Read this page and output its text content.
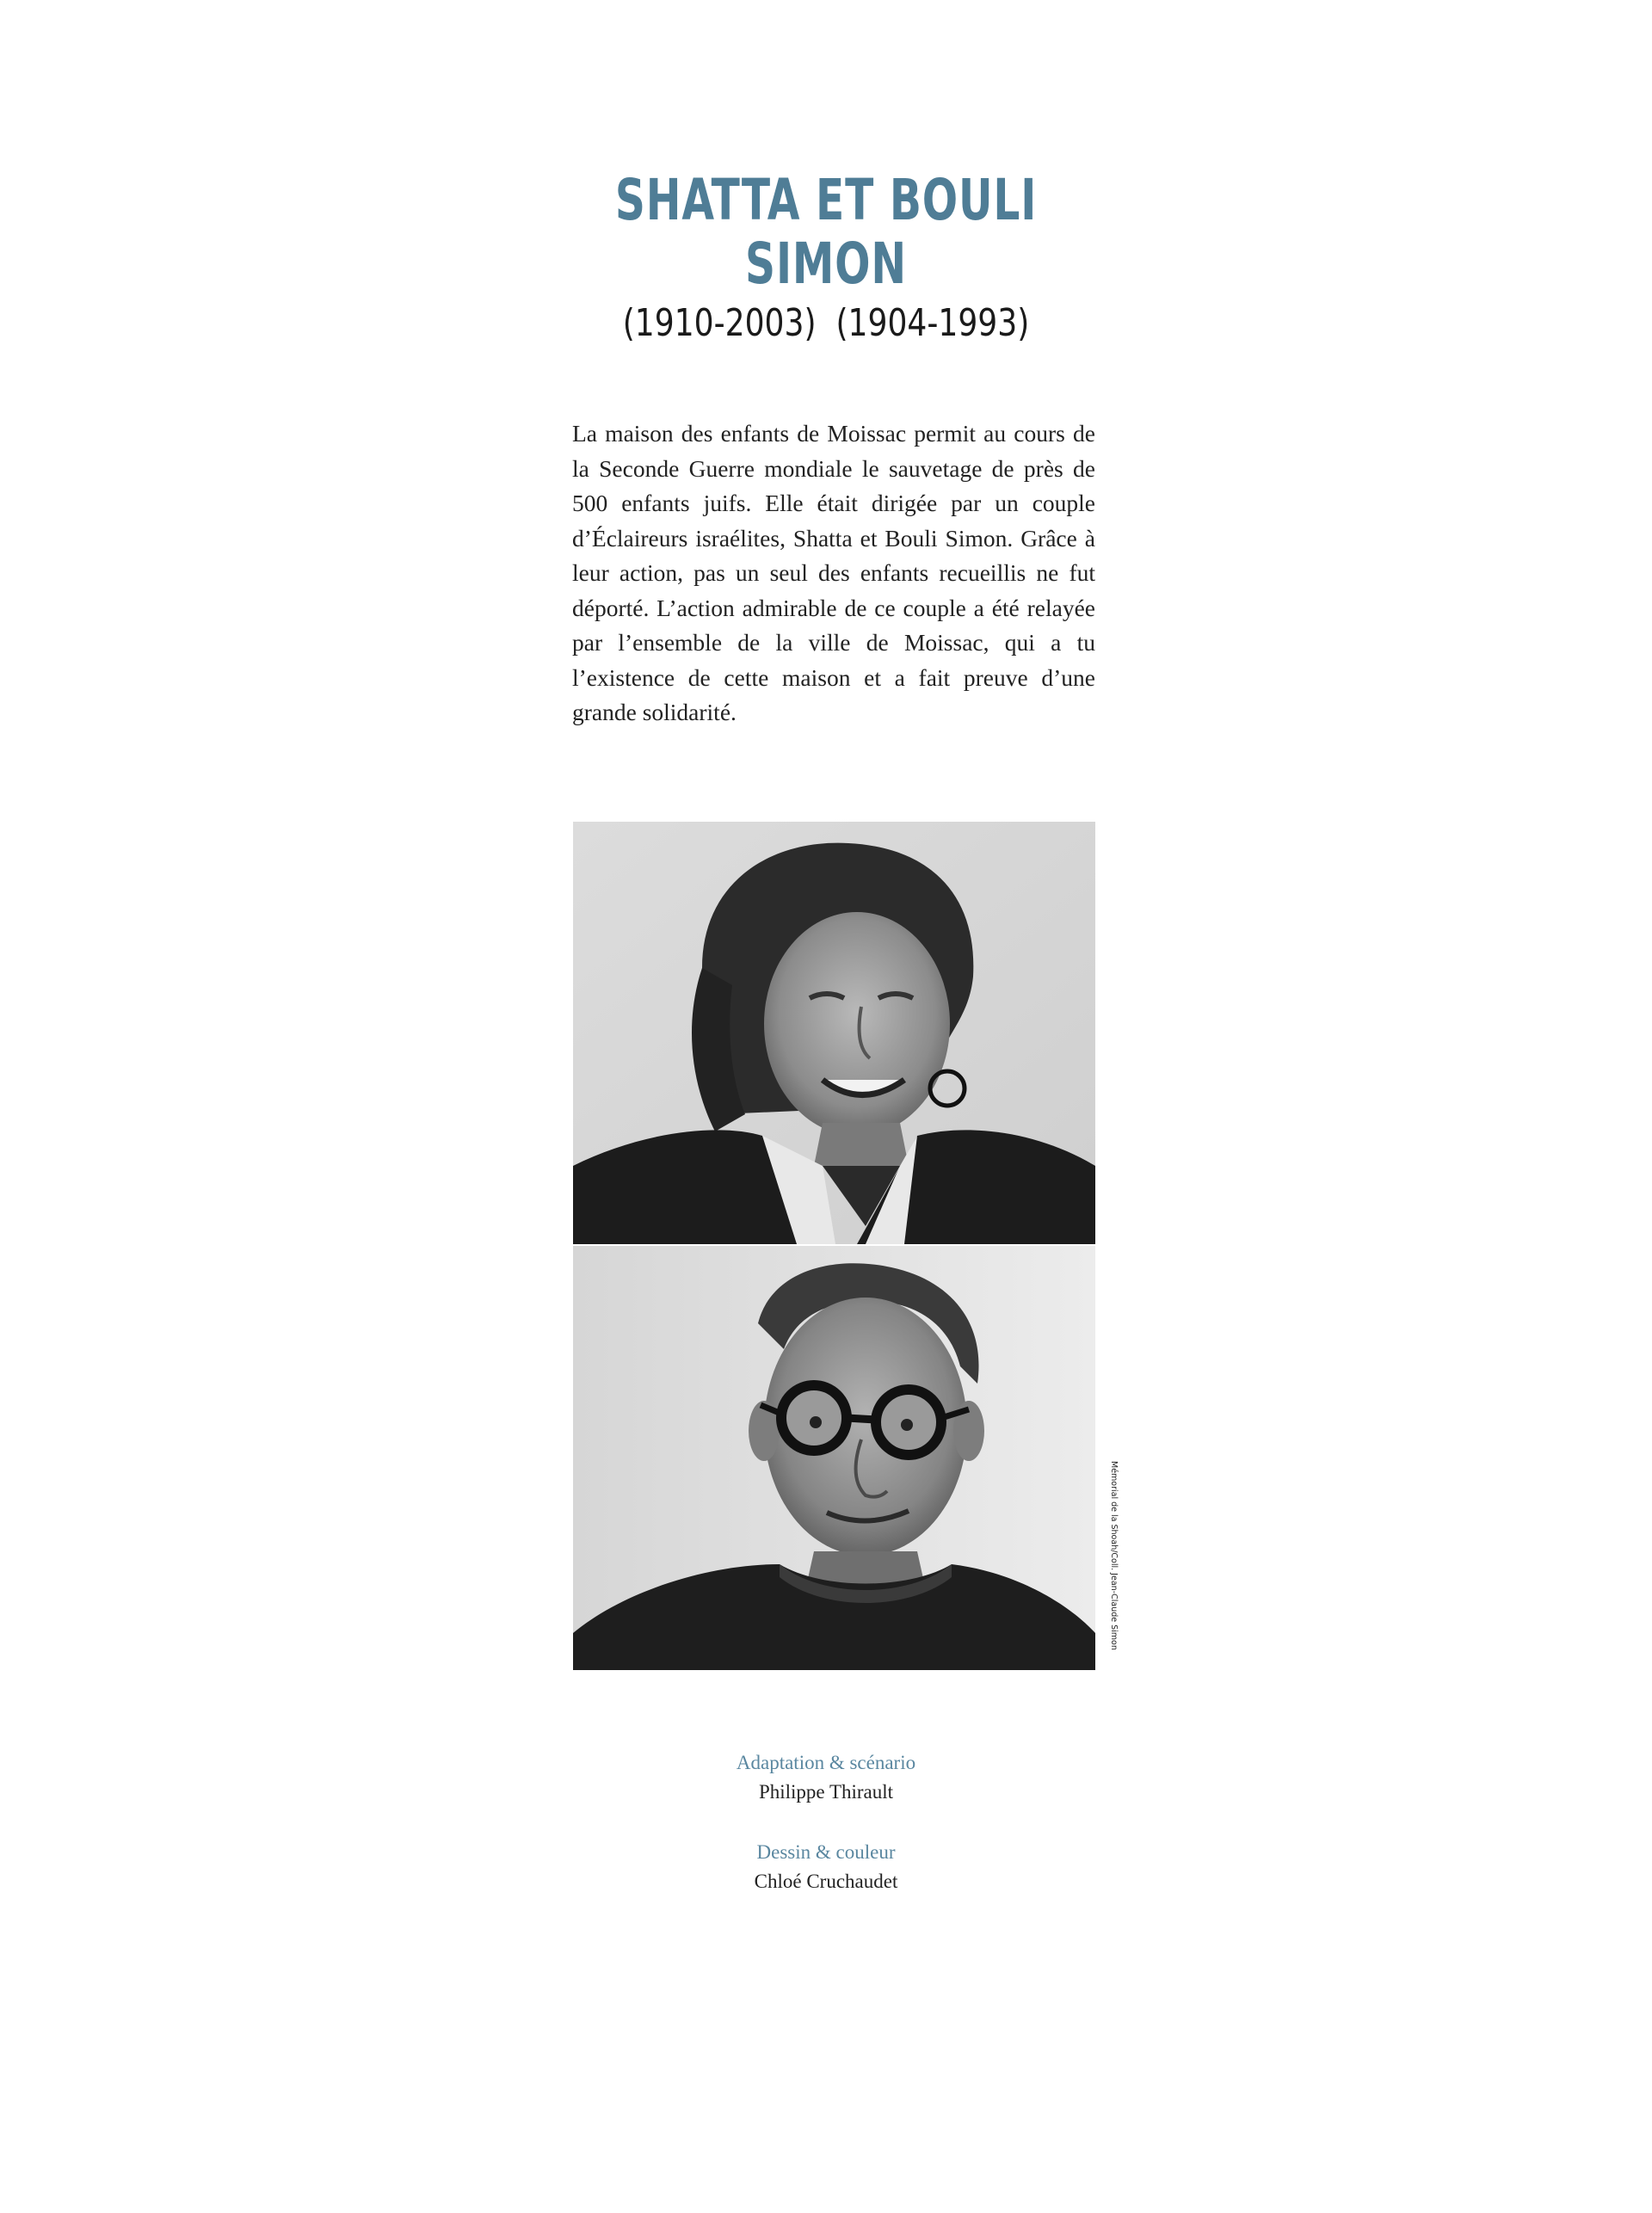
SHATTA ET BOULI
SIMON
(1910-2003) (1904-1993)
La maison des enfants de Moissac permit au cours de la Seconde Guerre mondiale le sauvetage de près de 500 enfants juifs. Elle était dirigée par un couple d’Éclaireurs israélites, Shatta et Bouli Simon. Grâce à leur action, pas un seul des enfants recueillis ne fut déporté. L’action admirable de ce couple a été relayée par l’ensemble de la ville de Moissac, qui a tu l’existence de cette maison et a fait preuve d’une grande solidarité.
Mémorial de la Shoah/Coll. Jean-Claude Simon
Adaptation & scénario
Philippe Thirault
Dessin & couleur
Chloé Cruchaudet
